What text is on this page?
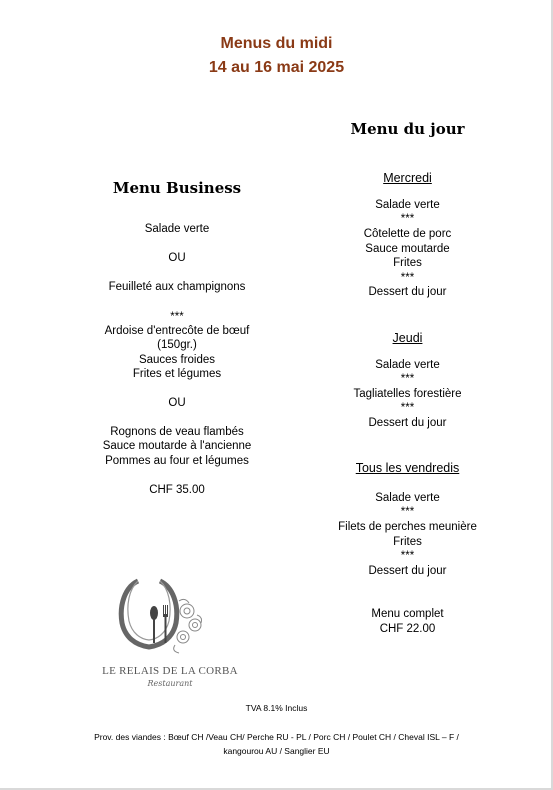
Menus du midi
14 au 16 mai 2025
Menu Business
Salade verte
OU
Feuilleté aux champignons
***
Ardoise d'entrecôte de bœuf
(150gr.)
Sauces froides
Frites et légumes
OU
Rognons de veau flambés
Sauce moutarde à l'ancienne
Pommes au four et légumes
CHF 35.00
Menu du jour
Mercredi
Salade verte
***
Côtelette de porc
Sauce moutarde
Frites
***
Dessert du jour
Jeudi
Salade verte
***
Tagliatelles forestière
***
Dessert du jour
Tous les vendredis
Salade verte
***
Filets de perches meunière
Frites
***
Dessert du jour
Menu complet
CHF 22.00
LE RELAIS DE LA CORBA
Restaurant
TVA 8.1% Inclus
Prov. des viandes : Bœuf CH /Veau CH/ Perche RU - PL / Porc CH / Poulet CH / Cheval ISL – F /
kangourou AU / Sanglier EU
